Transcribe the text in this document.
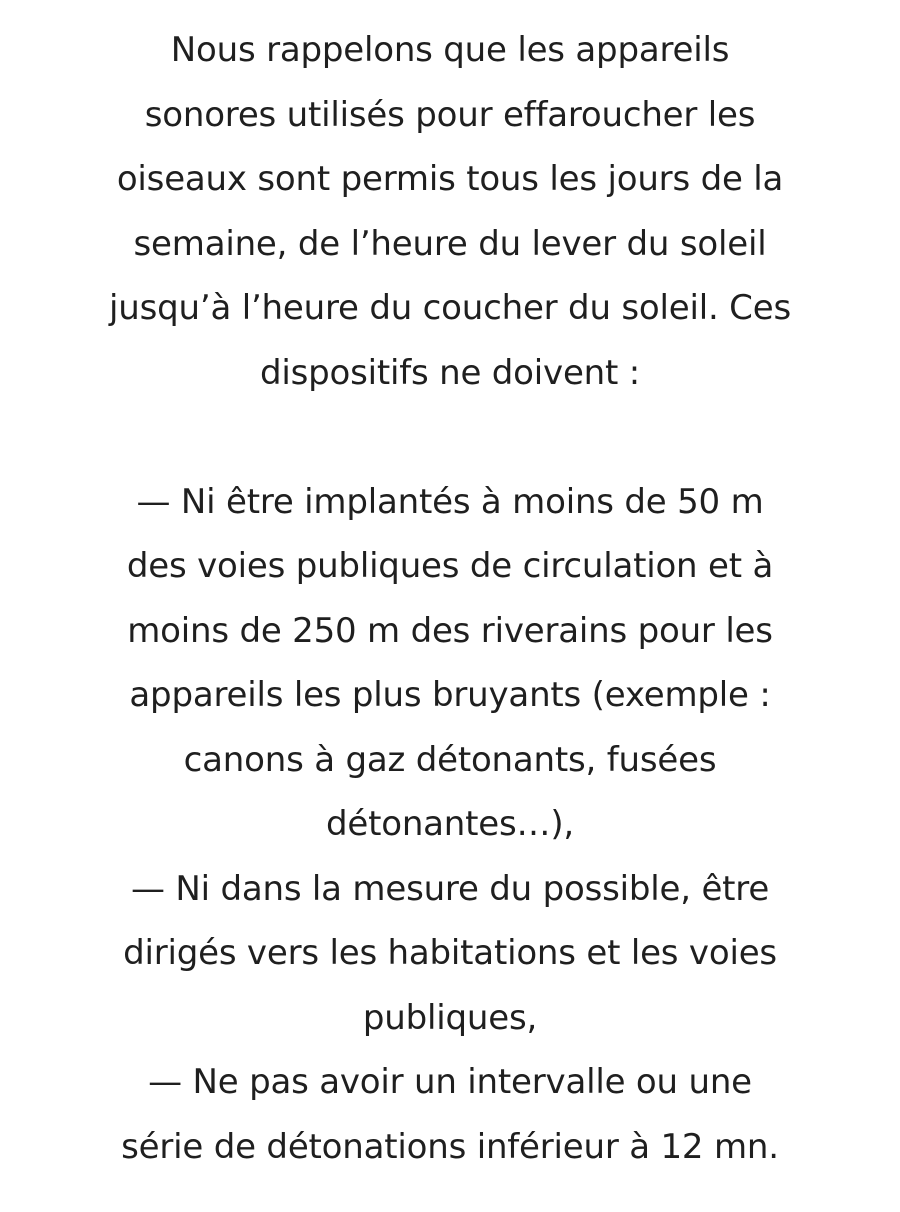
Nous rappelons que les appareils
sonores utilisés pour effaroucher les
oiseaux sont permis tous les jours de la
semaine, de l’heure du lever du soleil
jusqu’à l’heure du coucher du soleil. Ces
dispositifs ne doivent :
— Ni être implantés à moins de 50 m
des voies publiques de circulation et à
moins de 250 m des riverains pour les
appareils les plus bruyants (exemple :
canons à gaz détonants, fusées
détonantes…),
— Ni dans la mesure du possible, être
dirigés vers les habitations et les voies
publiques,
— Ne pas avoir un intervalle ou une
série de détonations inférieur à 12 mn.
